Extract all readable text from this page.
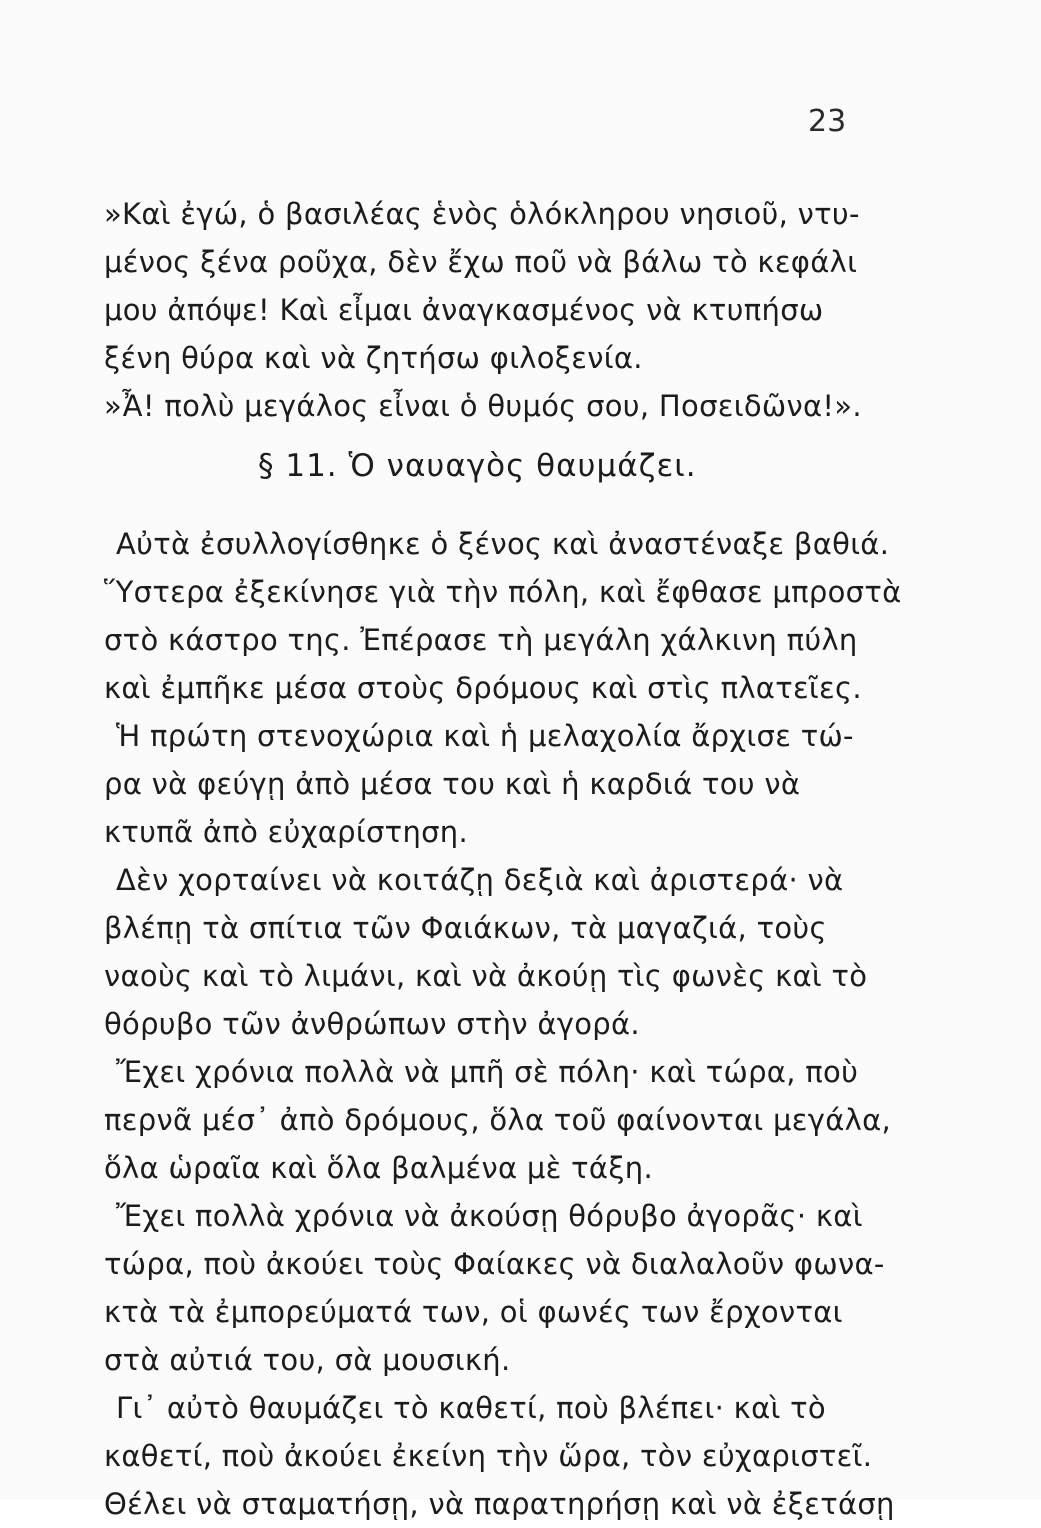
23
»Καὶ ἐγώ, ὁ βασιλέας ἑνὸς ὁλόκληρου νησιοῦ, ντυ-
μένος ξένα ροῦχα, δὲν ἔχω ποῦ νὰ βάλω τὸ κεφάλι
μου ἀπόψε! Καὶ εἶμαι ἀναγκασμένος νὰ κτυπήσω
ξένη θύρα καὶ νὰ ζητήσω φιλοξενία.
»Ἆ! πολὺ μεγάλος εἶναι ὁ θυμός σου, Ποσειδῶνα!».
§ 11. Ὁ ναυαγὸς θαυμάζει.
Αὐτὰ ἐσυλλογίσθηκε ὁ ξένος καὶ ἀναστέναξε βαθιά.
Ὕστερα ἐξεκίνησε γιὰ τὴν πόλη, καὶ ἔφθασε μπροστὰ
στὸ κάστρο της. Ἐπέρασε τὴ μεγάλη χάλκινη πύλη
καὶ ἐμπῆκε μέσα στοὺς δρόμους καὶ στὶς πλατεῖες.
Ἡ πρώτη στενοχώρια καὶ ἡ μελαχολία ἄρχισε τώ-
ρα νὰ φεύγῃ ἀπὸ μέσα του καὶ ἡ καρδιά του νὰ
κτυπᾶ ἀπὸ εὐχαρίστηση.
Δὲν χορταίνει νὰ κοιτάζῃ δεξιὰ καὶ ἀριστερά· νὰ
βλέπῃ τὰ σπίτια τῶν Φαιάκων, τὰ μαγαζιά, τοὺς
ναοὺς καὶ τὸ λιμάνι, καὶ νὰ ἀκούῃ τὶς φωνὲς καὶ τὸ
θόρυβο τῶν ἀνθρώπων στὴν ἀγορά.
Ἔχει χρόνια πολλὰ νὰ μπῆ σὲ πόλη· καὶ τώρα, ποὺ
περνᾶ μέσ᾽ ἀπὸ δρόμους, ὅλα τοῦ φαίνονται μεγάλα,
ὅλα ὡραῖα καὶ ὅλα βαλμένα μὲ τάξη.
Ἔχει πολλὰ χρόνια νὰ ἀκούσῃ θόρυβο ἀγορᾶς· καὶ
τώρα, ποὺ ἀκούει τοὺς Φαίακες νὰ διαλαλοῦν φωνα-
κτὰ τὰ ἐμπορεύματά των, οἱ φωνές των ἔρχονται
στὰ αὐτιά του, σὰ μουσική.
Γι᾽ αὐτὸ θαυμάζει τὸ καθετί, ποὺ βλέπει· καὶ τὸ
καθετί, ποὺ ἀκούει ἐκείνη τὴν ὥρα, τὸν εὐχαριστεῖ.
Θέλει νὰ σταματήσῃ, νὰ παρατηρήσῃ καὶ νὰ ἐξετάσῃ
